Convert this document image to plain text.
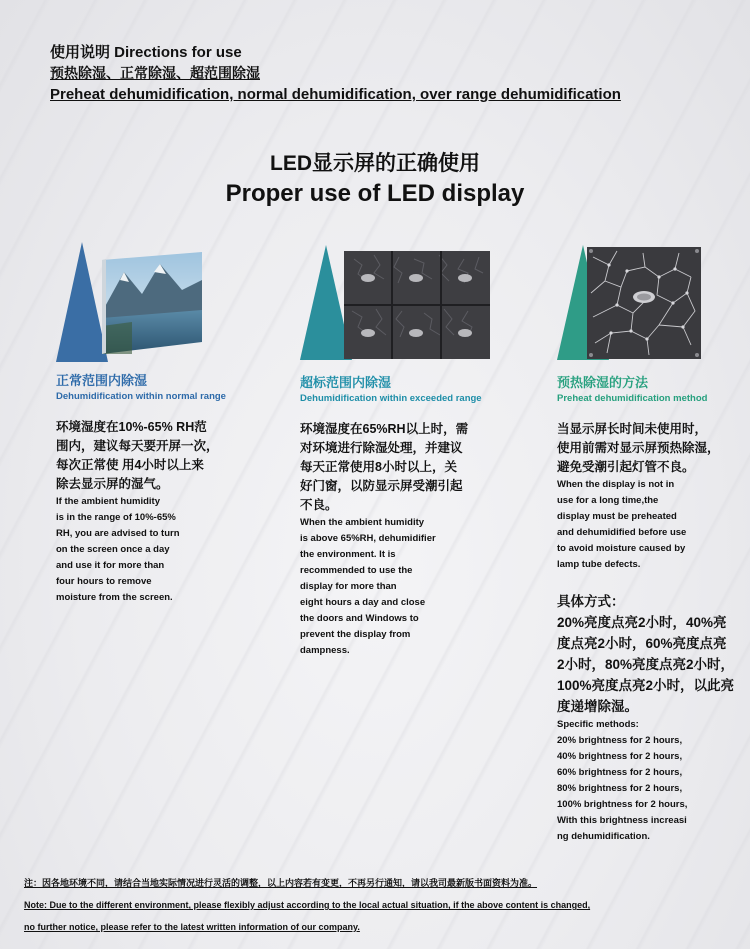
使用说明 Directions for use
预热除湿、正常除湿、超范围除湿
Preheat dehumidification, normal dehumidification, over range dehumidification
LED显示屏的正确使用
Proper use of LED display
正常范围内除湿
Dehumidification within normal range
环境湿度在10%-65% RH范
围内，建议每天要开屏一次，
每次正常使 用4小时以上来
除去显示屏的湿气。
If the ambient humidity
is in the range of 10%-65%
RH, you are advised to turn
on the screen once a day
and use it for more than
four hours to remove
moisture from the screen.
超标范围内除湿
Dehumidification within exceeded range
环境湿度在65%RH以上时，需
对环境进行除湿处理，并建议
每天正常使用8小时以上，关
好门窗，以防显示屏受潮引起
不良。
When the ambient humidity
is above 65%RH, dehumidifier
the environment. It is
recommended to use the
display for more than
eight hours a day and close
the doors and Windows to
prevent the display from
dampness.
预热除湿的方法
Preheat dehumidification method
当显示屏长时间未使用时，
使用前需对显示屏预热除湿，
避免受潮引起灯管不良。
When the display is not in
use for a long time,the
display must be preheated
and dehumidified before use
to avoid moisture caused by
lamp tube defects.
具体方式：
20%亮度点亮2小时，40%亮
度点亮2小时，60%亮度点亮
2小时，80%亮度点亮2小时，
100%亮度点亮2小时，以此亮
度递增除湿。
Specific methods:
20% brightness for 2 hours,
40% brightness for 2 hours,
60% brightness for 2 hours,
80% brightness for 2 hours,
100% brightness for 2 hours,
With this brightness increasi
ng dehumidification.
注：因各地环境不同，请结合当地实际情况进行灵活的调整，以上内容若有变更，不再另行通知，请以我司最新版书面资料为准。
Note: Due to the different environment, please flexibly adjust according to the local actual situation, if the above content is changed,
no further notice, please refer to the latest written information of our company.
